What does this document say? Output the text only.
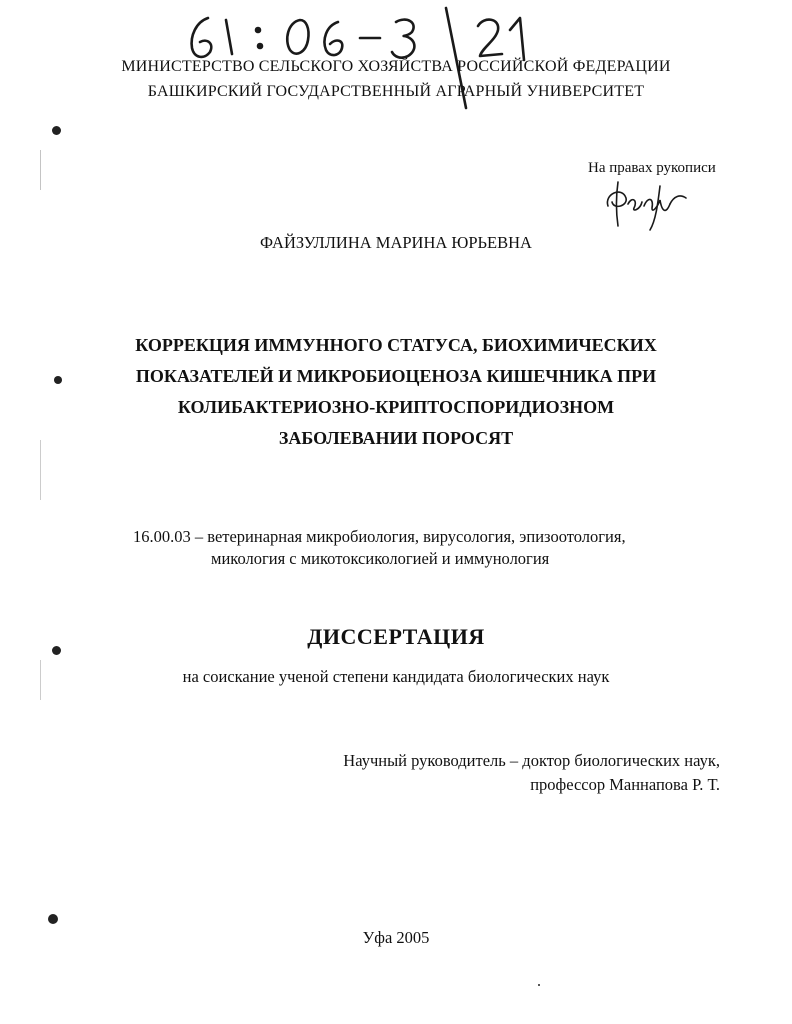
МИНИСТЕРСТВО СЕЛЬСКОГО ХОЗЯЙСТВА РОССИЙСКОЙ ФЕДЕРАЦИИ
БАШКИРСКИЙ ГОСУДАРСТВЕННЫЙ АГРАРНЫЙ УНИВЕРСИТЕТ
На правах рукописи
ФАЙЗУЛЛИНА МАРИНА ЮРЬЕВНА
КОРРЕКЦИЯ ИММУННОГО СТАТУСА, БИОХИМИЧЕСКИХ
ПОКАЗАТЕЛЕЙ И МИКРОБИОЦЕНОЗА КИШЕЧНИКА ПРИ
КОЛИБАКТЕРИОЗНО-КРИПТОСПОРИДИОЗНОМ
ЗАБОЛЕВАНИИ ПОРОСЯТ
16.00.03 – ветеринарная микробиология, вирусология, эпизоотология,
микология с микотоксикологией и иммунология
ДИССЕРТАЦИЯ
на соискание ученой степени кандидата биологических наук
Научный руководитель – доктор биологических наук,
профессор Маннапова Р. Т.
Уфа 2005
